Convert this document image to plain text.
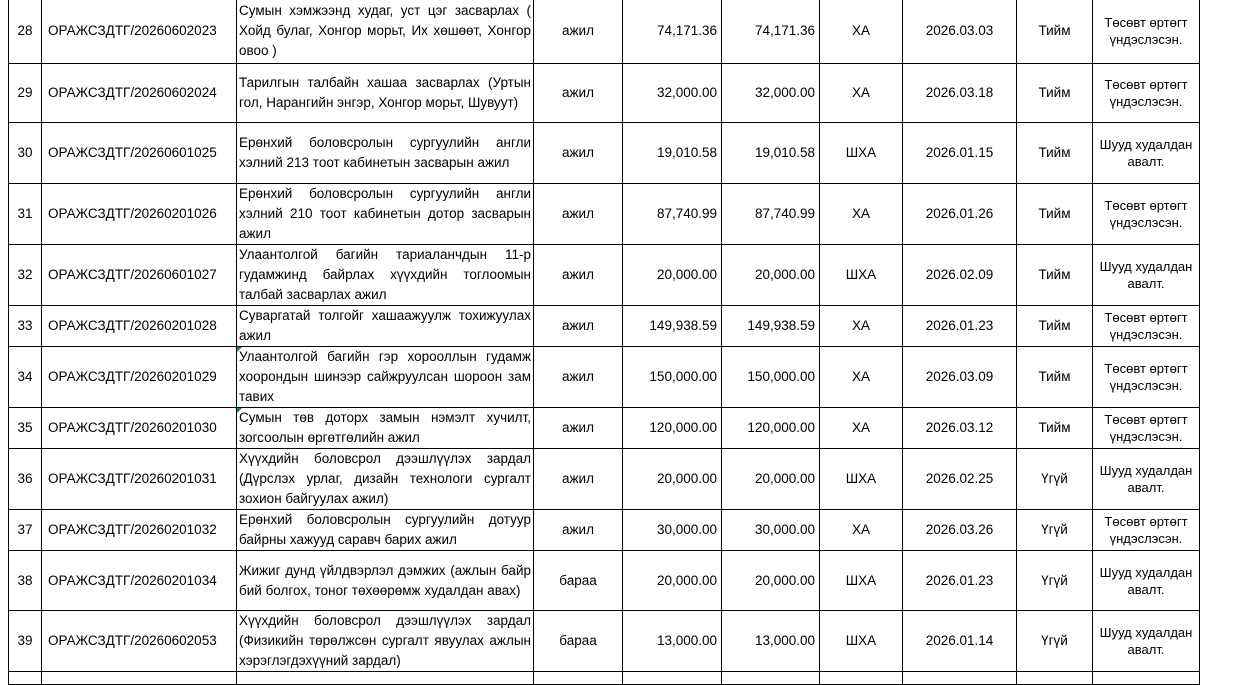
28	ОРАЖСЗДТГ/20260602023	Сумын хэмжээнд худаг, уст цэг засварлах ( Хойд булаг, Хонгор морьт, Их хөшөөт, Хонгор овоо )	ажил	74,171.36	74,171.36	ХА	2026.03.03	Тийм	Төсөвт өртөгт үндэслэсэн.
29	ОРАЖСЗДТГ/20260602024	Тарилгын талбайн хашаа засварлах (Уртын гол, Нарангийн энгэр, Хонгор морьт, Шувуут)	ажил	32,000.00	32,000.00	ХА	2026.03.18	Тийм	Төсөвт өртөгт үндэслэсэн.
30	ОРАЖСЗДТГ/20260601025	Ерөнхий боловсролын сургуулийн англи хэлний 213 тоот кабинетын засварын ажил	ажил	19,010.58	19,010.58	ШХА	2026.01.15	Тийм	Шууд худалдан авалт.
31	ОРАЖСЗДТГ/20260201026	Ерөнхий боловсролын сургуулийн англи хэлний 210 тоот кабинетын дотор засварын ажил	ажил	87,740.99	87,740.99	ХА	2026.01.26	Тийм	Төсөвт өртөгт үндэслэсэн.
32	ОРАЖСЗДТГ/20260601027	Улаантолгой багийн тариаланчдын 11-р гудамжинд байрлах хүүхдийн тоглоомын талбай засварлах ажил	ажил	20,000.00	20,000.00	ШХА	2026.02.09	Тийм	Шууд худалдан авалт.
33	ОРАЖСЗДТГ/20260201028	Суваргатай толгойг хашаажуулж тохижуулах ажил	ажил	149,938.59	149,938.59	ХА	2026.01.23	Тийм	Төсөвт өртөгт үндэслэсэн.
34	ОРАЖСЗДТГ/20260201029	Улаантолгой багийн гэр хорооллын гудамж хоорондын шинээр сайжруулсан шороон зам тавих	ажил	150,000.00	150,000.00	ХА	2026.03.09	Тийм	Төсөвт өртөгт үндэслэсэн.
35	ОРАЖСЗДТГ/20260201030	Сумын төв доторх замын нэмэлт хучилт, зогсоолын өргөтгөлийн ажил	ажил	120,000.00	120,000.00	ХА	2026.03.12	Тийм	Төсөвт өртөгт үндэслэсэн.
36	ОРАЖСЗДТГ/20260201031	Хүүхдийн боловсрол дээшлүүлэх зардал (Дүрслэх урлаг, дизайн технологи сургалт зохион байгуулах ажил)	ажил	20,000.00	20,000.00	ШХА	2026.02.25	Үгүй	Шууд худалдан авалт.
37	ОРАЖСЗДТГ/20260201032	Ерөнхий боловсролын сургуулийн дотуур байрны хажууд саравч барих ажил	ажил	30,000.00	30,000.00	ХА	2026.03.26	Үгүй	Төсөвт өртөгт үндэслэсэн.
38	ОРАЖСЗДТГ/20260201034	Жижиг дунд үйлдвэрлэл дэмжих (ажлын байр бий болгох, тоног төхөөрөмж худалдан авах)	бараа	20,000.00	20,000.00	ШХА	2026.01.23	Үгүй	Шууд худалдан авалт.
39	ОРАЖСЗДТГ/20260602053	Хүүхдийн боловсрол дээшлүүлэх зардал (Физикийн төрөлжсөн сургалт явуулах ажлын хэрэглэгдэхүүний зардал)	бараа	13,000.00	13,000.00	ШХА	2026.01.14	Үгүй	Шууд худалдан авалт.
